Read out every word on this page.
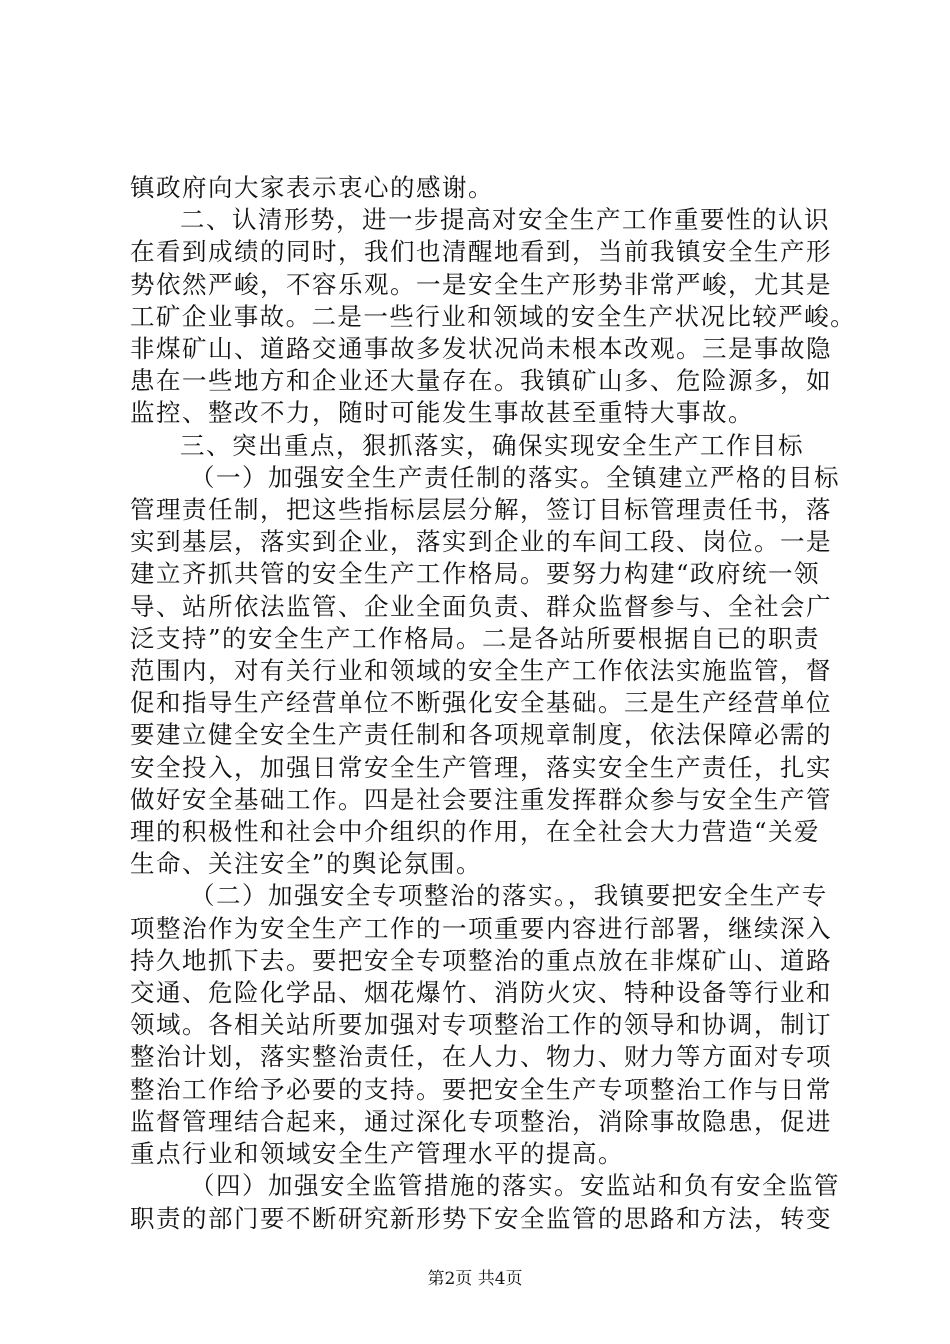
镇政府向大家表示衷心的感谢。
二、认清形势，进一步提高对安全生产工作重要性的认识
在看到成绩的同时，我们也清醒地看到，当前我镇安全生产形
势依然严峻，不容乐观。一是安全生产形势非常严峻，尤其是
工矿企业事故。二是一些行业和领域的安全生产状况比较严峻。
非煤矿山、道路交通事故多发状况尚未根本改观。三是事故隐
患在一些地方和企业还大量存在。我镇矿山多、危险源多，如
监控、整改不力，随时可能发生事故甚至重特大事故。
三、突出重点，狠抓落实，确保实现安全生产工作目标
（一）加强安全生产责任制的落实。全镇建立严格的目标
管理责任制，把这些指标层层分解，签订目标管理责任书，落
实到基层，落实到企业，落实到企业的车间工段、岗位。一是
建立齐抓共管的安全生产工作格局。要努力构建“政府统一领
导、站所依法监管、企业全面负责、群众监督参与、全社会广
泛支持”的安全生产工作格局。二是各站所要根据自已的职责
范围内，对有关行业和领域的安全生产工作依法实施监管，督
促和指导生产经营单位不断强化安全基础。三是生产经营单位
要建立健全安全生产责任制和各项规章制度，依法保障必需的
安全投入，加强日常安全生产管理，落实安全生产责任，扎实
做好安全基础工作。四是社会要注重发挥群众参与安全生产管
理的积极性和社会中介组织的作用，在全社会大力营造“关爱
生命、关注安全”的舆论氛围。
（二）加强安全专项整治的落实。，我镇要把安全生产专
项整治作为安全生产工作的一项重要内容进行部署，继续深入
持久地抓下去。要把安全专项整治的重点放在非煤矿山、道路
交通、危险化学品、烟花爆竹、消防火灾、特种设备等行业和
领域。各相关站所要加强对专项整治工作的领导和协调，制订
整治计划，落实整治责任，在人力、物力、财力等方面对专项
整治工作给予必要的支持。要把安全生产专项整治工作与日常
监督管理结合起来，通过深化专项整治，消除事故隐患，促进
重点行业和领域安全生产管理水平的提高。
（四）加强安全监管措施的落实。安监站和负有安全监管
职责的部门要不断研究新形势下安全监管的思路和方法，转变
第2页 共4页
